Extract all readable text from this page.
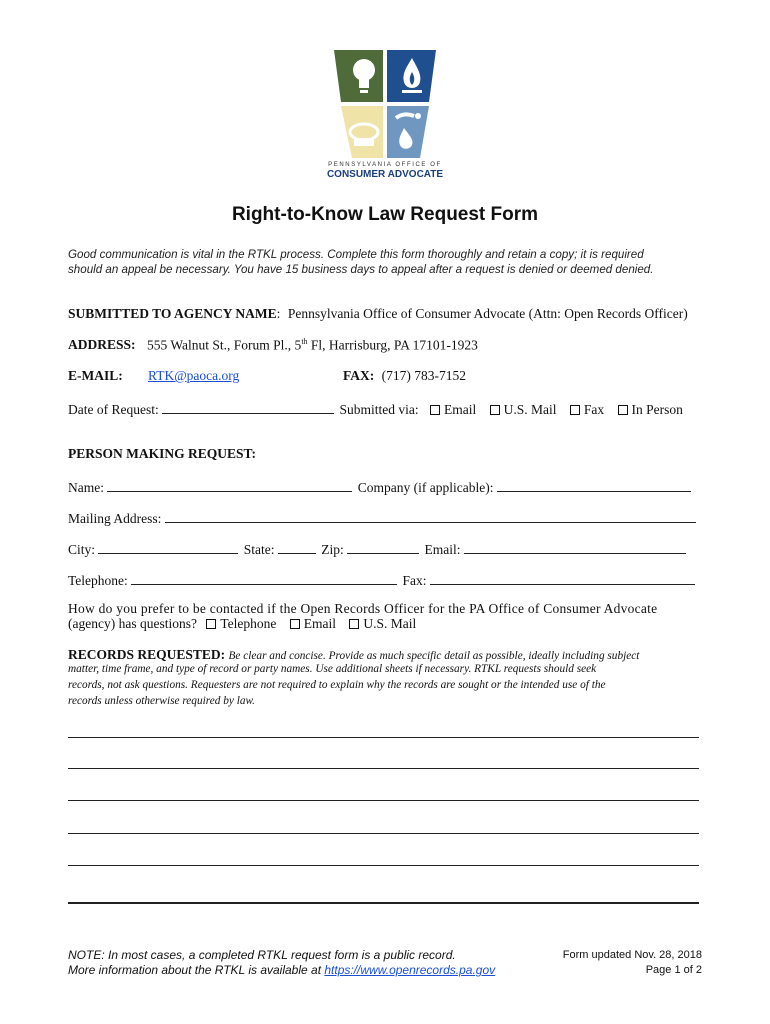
PENNSYLVANIA OFFICE OF
CONSUMER ADVOCATE
Right-to-Know Law Request Form
Good communication is vital in the RTKL process. Complete this form thoroughly and retain a copy; it is required
should an appeal be necessary. You have 15 business days to appeal after a request is denied or deemed denied.
SUBMITTED TO AGENCY NAME: Pennsylvania Office of Consumer Advocate (Attn: Open Records Officer)
ADDRESS: 555 Walnut St., Forum Pl., 5th Fl, Harrisburg, PA 17101-1923
E-MAIL: RTK@paoca.org	FAX: (717) 783-7152
Date of Request:	Submitted via: Email U.S. Mail Fax In Person
PERSON MAKING REQUEST:
Name:	Company (if applicable):
Mailing Address:
City:	State:	Zip:	Email:
Telephone:	Fax:
How do you prefer to be contacted if the Open Records Officer for the PA Office of Consumer Advocate
(agency) has questions? Telephone Email U.S. Mail
RECORDS REQUESTED: Be clear and concise. Provide as much specific detail as possible, ideally including subject
matter, time frame, and type of record or party names. Use additional sheets if necessary. RTKL requests should seek
records, not ask questions. Requesters are not required to explain why the records are sought or the intended use of the
records unless otherwise required by law.
NOTE: In most cases, a completed RTKL request form is a public record.
More information about the RTKL is available at https://www.openrecords.pa.gov
Form updated Nov. 28, 2018
Page 1 of 2
